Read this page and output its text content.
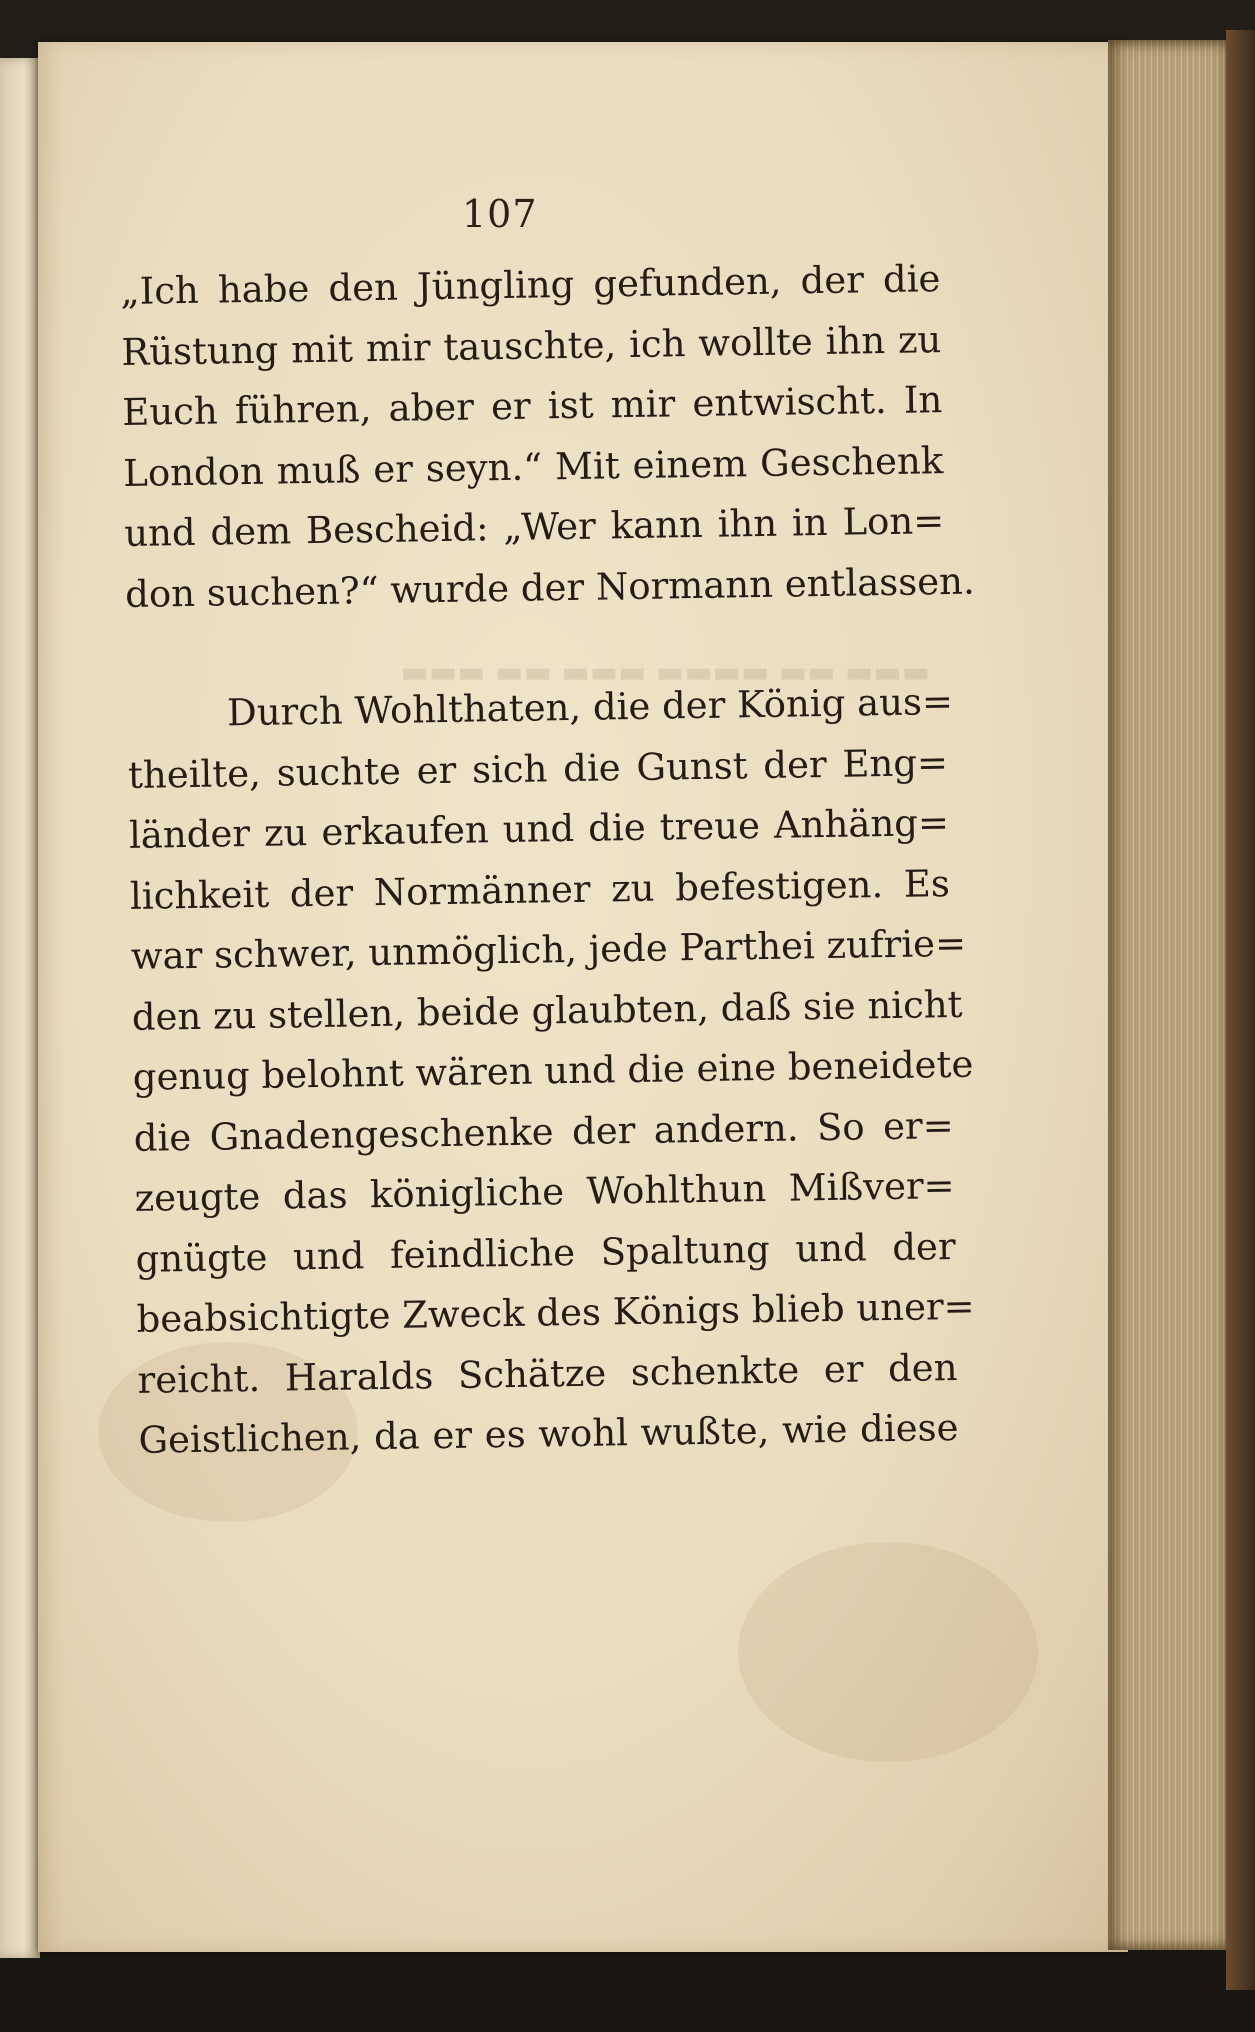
▬▬▬ ▬▬ ▬▬▬▬ ▬▬▬ ▬▬ ▬▬▬
107
„Ich habe den Jüngling gefunden, der die
Rüstung mit mir tauschte, ich wollte ihn zu
Euch führen, aber er ist mir entwischt. In
London muß er seyn.“ Mit einem Geschenk
und dem Bescheid: „Wer kann ihn in Lon=
don suchen?“ wurde der Normann entlassen.
Durch Wohlthaten, die der König aus=
theilte, suchte er sich die Gunst der Eng=
länder zu erkaufen und die treue Anhäng=
lichkeit der Normänner zu befestigen. Es
war schwer, unmöglich, jede Parthei zufrie=
den zu stellen, beide glaubten, daß sie nicht
genug belohnt wären und die eine beneidete
die Gnadengeschenke der andern. So er=
zeugte das königliche Wohlthun Mißver=
gnügte und feindliche Spaltung und der
beabsichtigte Zweck des Königs blieb uner=
reicht. Haralds Schätze schenkte er den
Geistlichen, da er es wohl wußte, wie diese
